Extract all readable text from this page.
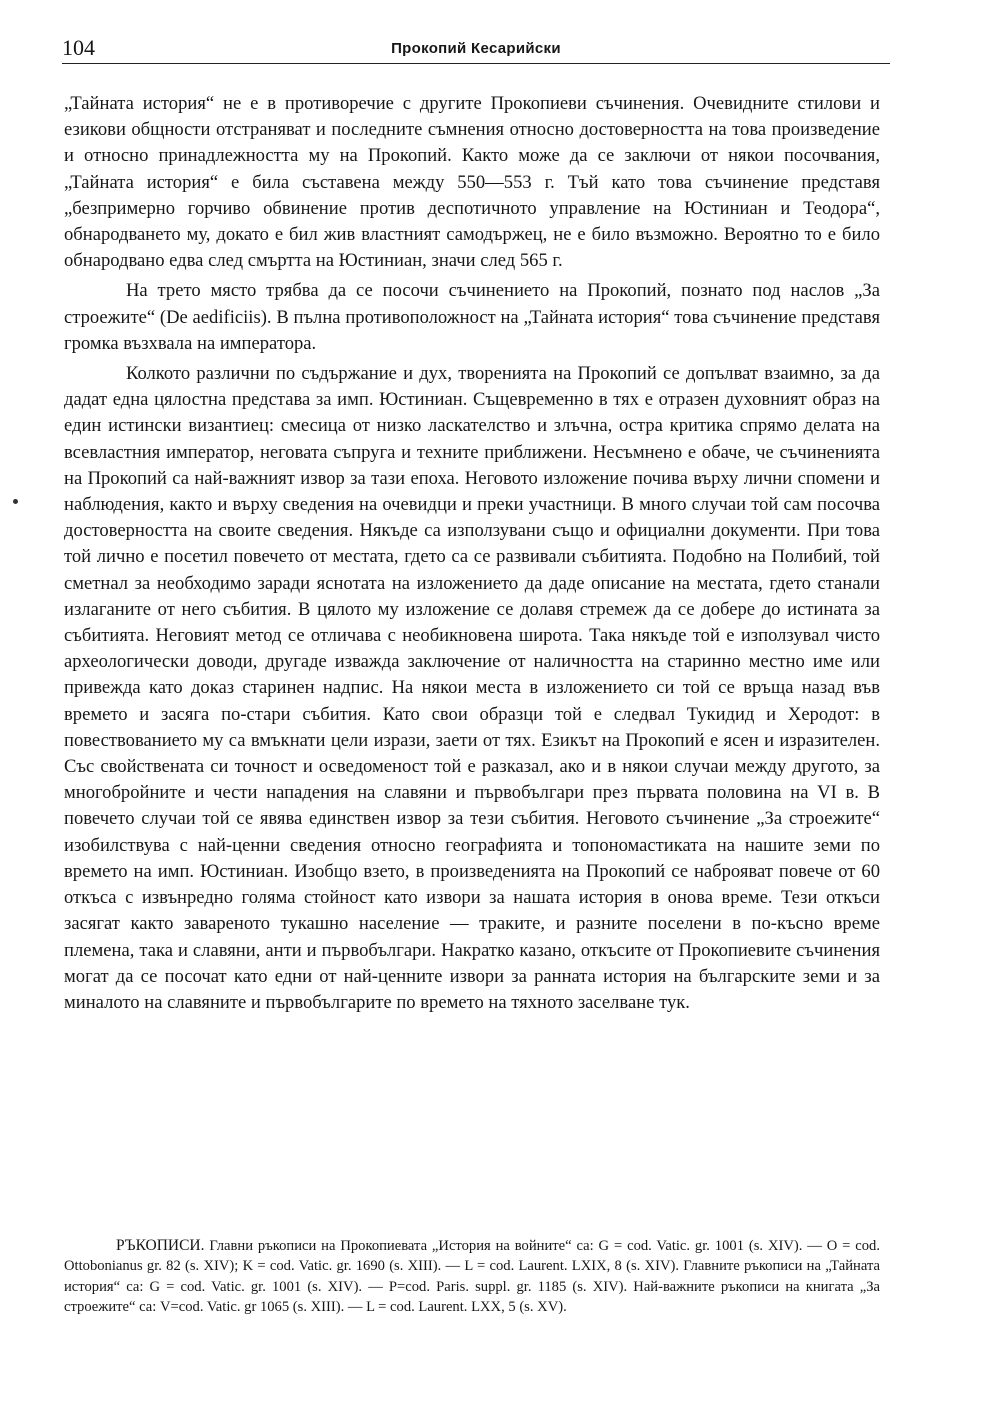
104	Прокопий Кесарийски

„Тайната история“ не е в противоречие с другите Прокопиеви съчинения. Очевидните стилови и езикови общности отстраняват и последните съмнения относно достоверността на това произведение и относно принадлежността му на Прокопий. Както може да се заключи от някои посочвания, „Тайната история“ е била съставена между 550—553 г. Тъй като това съчинение представя „безпримерно горчиво обвинение против деспотичното управление на Юстиниан и Теодора“, обнародването му, докато е бил жив властният самодържец, не е било възможно. Вероятно то е било обнародвано едва след смъртта на Юстиниан, значи след 565 г.

На трето място трябва да се посочи съчинението на Прокопий, познато под наслов „За строежите“ (De aedificiis). В пълна противоположност на „Тайната история“ това съчинение представя громка възхвала на императора.

Колкото различни по съдържание и дух, творенията на Прокопий се допълват взаимно, за да дадат една цялостна представа за имп. Юстиниан. Същевременно в тях е отразен духовният образ на един истински византиец: смесица от низко ласкателство и злъчна, остра критика спрямо делата на всевластния император, неговата съпруга и техните приближени. Несъмнено е обаче, че съчиненията на Прокопий са най-важният извор за тази епоха. Неговото изложение почива върху лични спомени и наблюдения, както и върху сведения на очевидци и преки участници. В много случаи той сам посочва достоверността на своите сведения. Някъде са използувани също и официални документи. При това той лично е посетил повечето от местата, гдето са се развивали събитията. Подобно на Полибий, той сметнал за необходимо заради яснотата на изложението да даде описание на местата, гдето станали излаганите от него събития. В цялото му изложение се долавя стремеж да се добере до истината за събитията. Неговият метод се отличава с необикновена широта. Така някъде той е използувал чисто археологически доводи, другаде изважда заключение от наличността на старинно местно име или привежда като доказ старинен надпис. На някои места в изложението си той се връща назад във времето и засяга по-стари събития. Като свои образци той е следвал Тукидид и Херодот: в повествованието му са вмъкнати цели изрази, заети от тях. Езикът на Прокопий е ясен и изразителен. Със свойствената си точност и осведоменост той е разказал, ако и в някои случаи между другото, за многобройните и чести нападения на славяни и първобългари през първата половина на VI в. В повечето случаи той се явява единствен извор за тези събития. Неговото съчинение „За строежите“ изобилствува с най-ценни сведения относно географията и топономастиката на нашите земи по времето на имп. Юстиниан. Изобщо взето, в произведенията на Прокопий се наброяват повече от 60 откъса с извънредно голяма стойност като извори за нашата история в онова време. Тези откъси засягат както завареното тукашно население — траките, и разните поселени в по-късно време племена, така и славяни, анти и първобългари. Накратко казано, откъсите от Прокопиевите съчинения могат да се посочат като едни от най-ценните извори за ранната история на българските земи и за миналото на славяните и първобългарите по времето на тяхното заселване тук.

РЪКОПИСИ. Главни ръкописи на Прокопиевата „История на войните“ са: G = cod. Vatic. gr. 1001 (s. XIV). — O = cod. Ottobonianus gr. 82 (s. XIV); K = cod. Vatic. gr. 1690 (s. XIII). — L = cod. Laurent. LXIX, 8 (s. XIV). Главните ръкописи на „Тайната история“ са: G = cod. Vatic. gr. 1001 (s. XIV). — P=cod. Paris. suppl. gr. 1185 (s. XIV). Най-важните ръкописи на книгата „За строежите“ са: V=cod. Vatic. gr 1065 (s. XIII). — L = cod. Laurent. LXX, 5 (s. XV).
